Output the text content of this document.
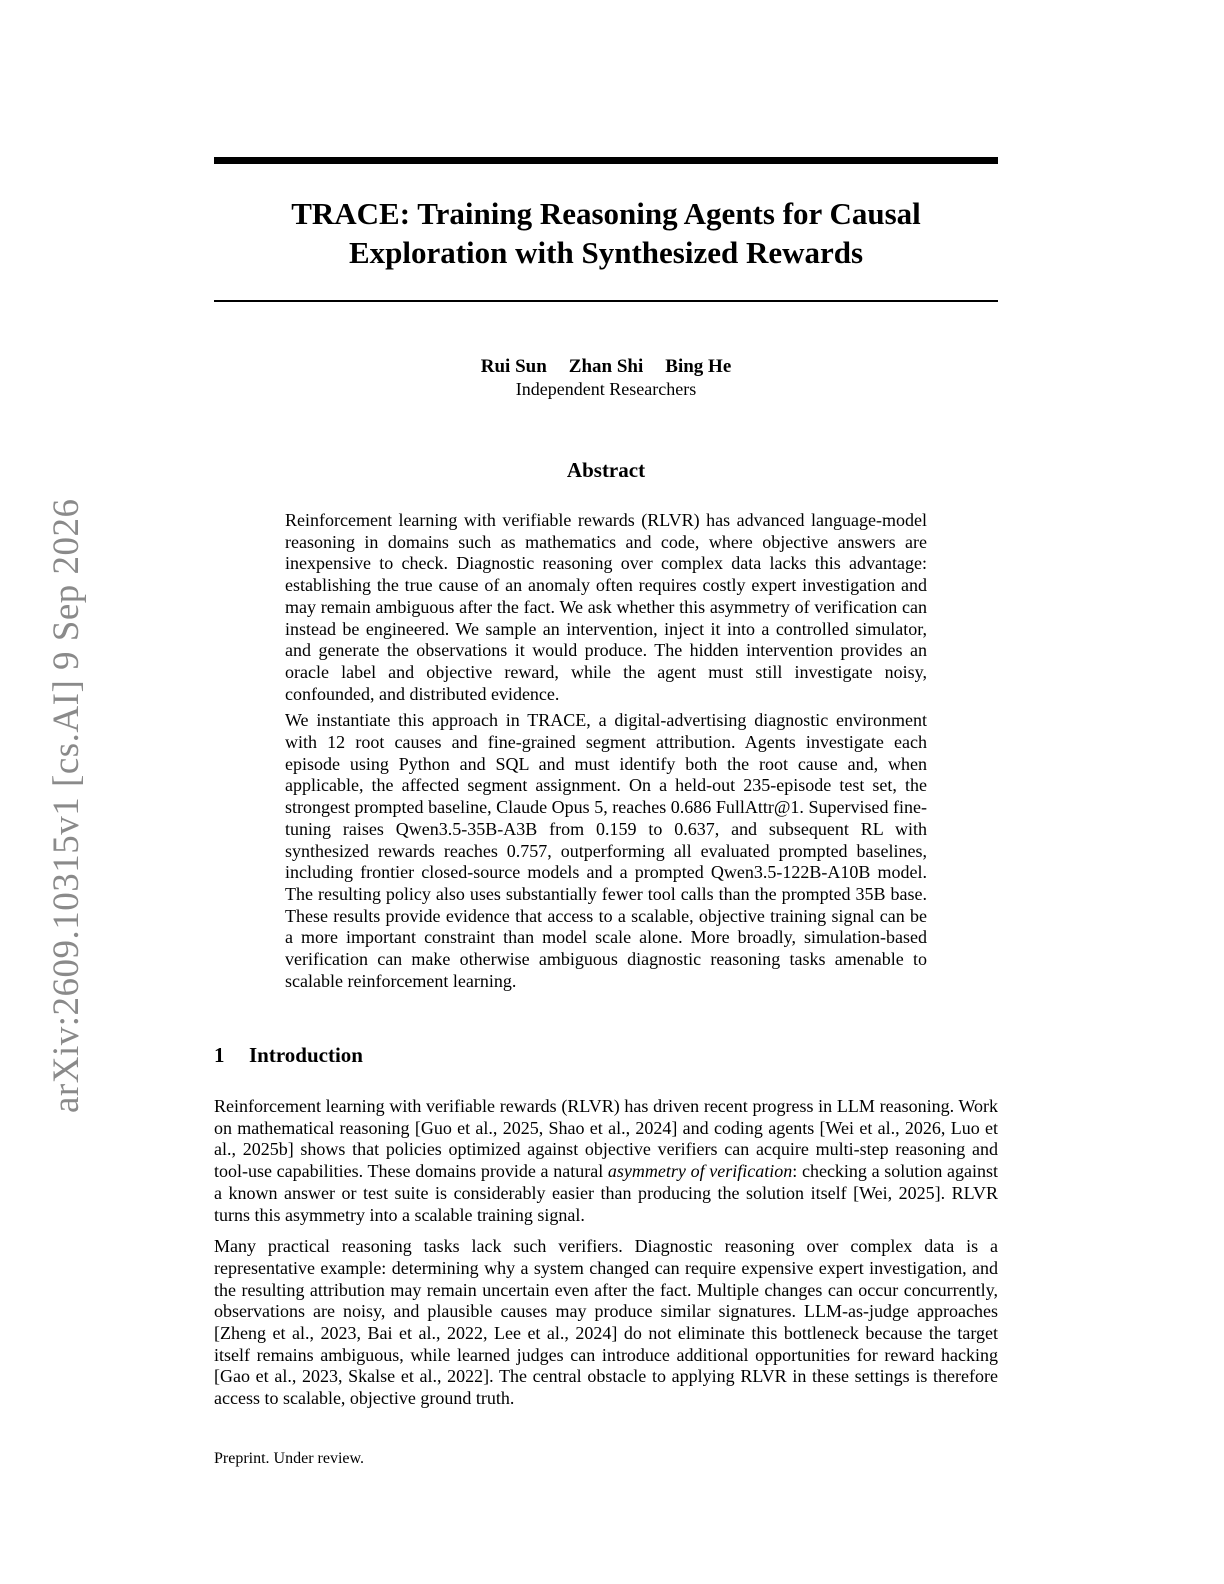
arXiv:2609.10315v1 [cs.AI] 9 Sep 2026
TRACE: Training Reasoning Agents for Causal Exploration with Synthesized Rewards
Rui Sun Zhan Shi Bing He
Independent Researchers
Abstract

Reinforcement learning with verifiable rewards (RLVR) has advanced language-model reasoning in domains such as mathematics and code, where objective answers are inexpensive to check. Diagnostic reasoning over complex data lacks this advantage: establishing the true cause of an anomaly often requires costly expert investigation and may remain ambiguous after the fact. We ask whether this asymmetry of verification can instead be engineered. We sample an intervention, inject it into a controlled simulator, and generate the observations it would produce. The hidden intervention provides an oracle label and objective reward, while the agent must still investigate noisy, confounded, and distributed evidence.

We instantiate this approach in TRACE, a digital-advertising diagnostic environment with 12 root causes and fine-grained segment attribution. Agents investigate each episode using Python and SQL and must identify both the root cause and, when applicable, the affected segment assignment. On a held-out 235-episode test set, the strongest prompted baseline, Claude Opus 5, reaches 0.686 FullAttr@1. Supervised fine-tuning raises Qwen3.5-35B-A3B from 0.159 to 0.637, and subsequent RL with synthesized rewards reaches 0.757, outperforming all evaluated prompted baselines, including frontier closed-source models and a prompted Qwen3.5-122B-A10B model. The resulting policy also uses substantially fewer tool calls than the prompted 35B base. These results provide evidence that access to a scalable, objective training signal can be a more important constraint than model scale alone. More broadly, simulation-based verification can make otherwise ambiguous diagnostic reasoning tasks amenable to scalable reinforcement learning.

1 Introduction

Reinforcement learning with verifiable rewards (RLVR) has driven recent progress in LLM reasoning. Work on mathematical reasoning [Guo et al., 2025, Shao et al., 2024] and coding agents [Wei et al., 2026, Luo et al., 2025b] shows that policies optimized against objective verifiers can acquire multi-step reasoning and tool-use capabilities. These domains provide a natural asymmetry of verification: checking a solution against a known answer or test suite is considerably easier than producing the solution itself [Wei, 2025]. RLVR turns this asymmetry into a scalable training signal.

Many practical reasoning tasks lack such verifiers. Diagnostic reasoning over complex data is a representative example: determining why a system changed can require expensive expert investigation, and the resulting attribution may remain uncertain even after the fact. Multiple changes can occur concurrently, observations are noisy, and plausible causes may produce similar signatures. LLM-as-judge approaches [Zheng et al., 2023, Bai et al., 2022, Lee et al., 2024] do not eliminate this bottleneck because the target itself remains ambiguous, while learned judges can introduce additional opportunities for reward hacking [Gao et al., 2023, Skalse et al., 2022]. The central obstacle to applying RLVR in these settings is therefore access to scalable, objective ground truth.

Preprint. Under review.
